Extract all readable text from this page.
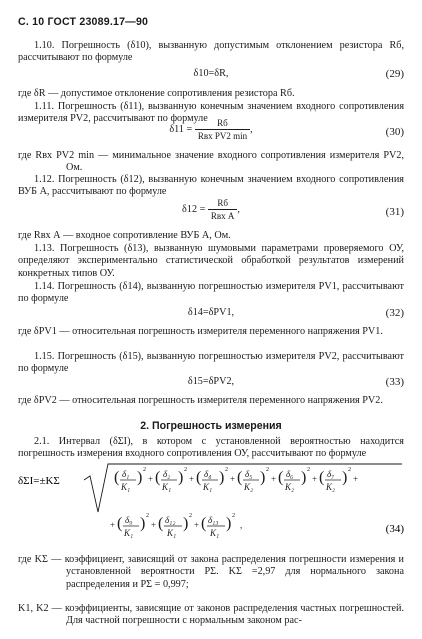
С. 10 ГОСТ 23089.17—90

1.10. Погрешность (δ10), вызванную допустимым отклонением резистора Rб, рассчитывают по формуле

δ10=δR,	(29)

где δR — допустимое отклонение сопротивления резистора Rб.

1.11. Погрешность (δ11), вызванную конечным значением входного сопротивления измерителя PV2, рассчитывают по формуле

$\delta 11 = \frac{Rб}{\text{Rвх PV2 min}}$ ,	(30)

где Rвх PV2 min — минимальное значение входного сопротивления измерителя PV2, Ом.

1.12. Погрешность (δ12), вызванную конечным значением входного сопротивления ВУБ А, рассчитывают по формуле

$\delta 12 = \frac{Rб}{\text{Rвх А}}$ ,	(31)

где Rвх А — входное сопротивление ВУБ А, Ом.

1.13. Погрешность (δ13), вызванную шумовыми параметрами проверяемого ОУ, определяют экспериментально статистической обработкой результатов измерений конкретных типов ОУ.

1.14. Погрешность (δ14), вызванную погрешностью измерителя PV1, рассчитывают по формуле

δ14=δPV1,	(32)

где δPV1 — относительная погрешность измерителя переменного напряжения PV1.

1.15. Погрешность (δ15), вызванную погрешностью измерителя PV2, рассчитывают по формуле

δ15=δPV2,	(33)

где δPV2 — относительная погрешность измерителя переменного напряжения PV2.

2. Погрешность измерения

2.1. Интервал (δΣI), в котором с установленной вероятностью находится погрешность измерения входного сопротивления ОУ, рассчитывают по формуле

δΣI=±KΣ	( δ₁
K₁
) 2
+ ( δ₂
K₁
) 2
+ ( δ₄
K₁
) 2
+ ( δ₅
K₂
) 2
+ ( δ₆
K₂
) 2
+ ( δ₇
K₂
) 2
+
+ ( δ₉
K₁
) 2
+ ( δ₁₂
K₁
) 2
+ ( δ₁₃
K₁
) 2
,	(34)

где KΣ — коэффициент, зависящий от закона распределения погрешности измерения и установленной вероятности PΣ. KΣ =2,97 для нормального закона распределения и PΣ = 0,997;

K1, K2 — коэффициенты, зависящие от законов распределения частных погрешностей. Для частной погрешности с нормальным законом рас-
